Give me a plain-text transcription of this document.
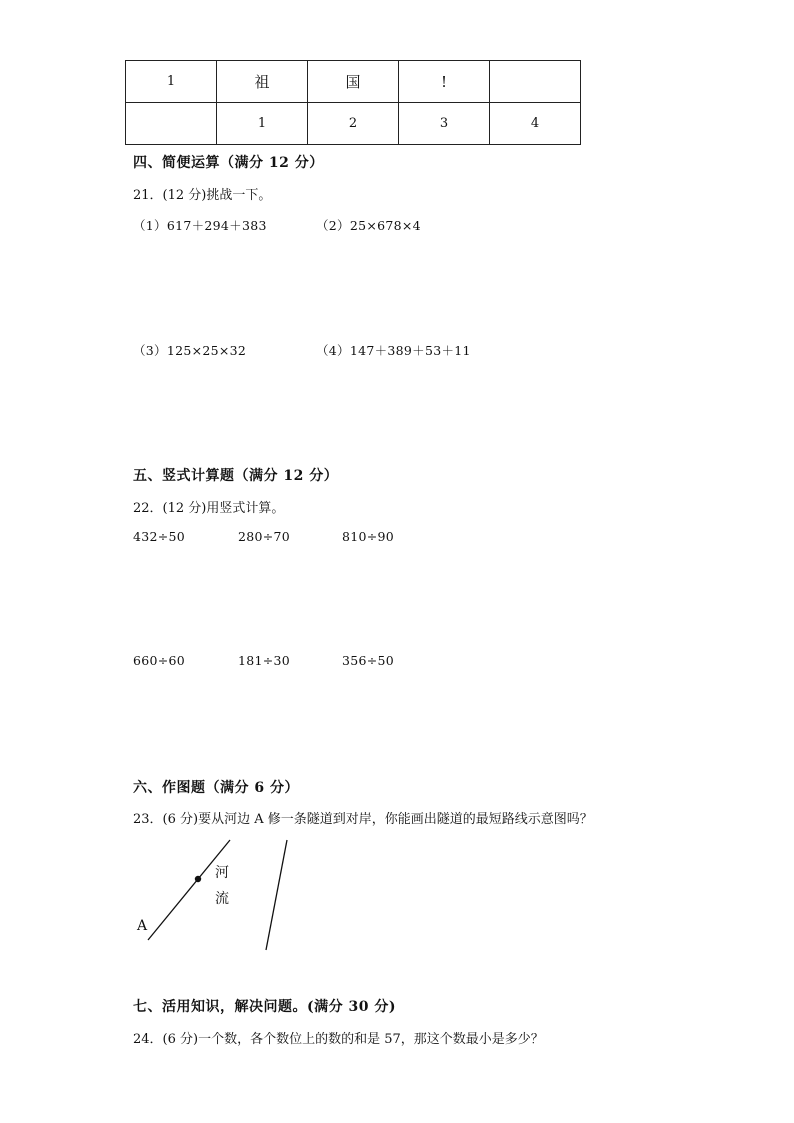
1	祖	国	!	
	1	2	3	4
四、简便运算（满分 12 分）
21．(12 分)挑战一下。
（1）617＋294＋383	（2）25×678×4
（3）125×25×32	（4）147＋389＋53＋11
五、竖式计算题（满分 12 分）
22．(12 分)用竖式计算。
432÷50	280÷70	810÷90
660÷60	181÷30	356÷50
六、作图题（满分 6 分）
23．(6 分)要从河边 A 修一条隧道到对岸，你能画出隧道的最短路线示意图吗？
A
河
流
七、活用知识，解决问题。(满分 30 分)
24．(6 分)一个数，各个数位上的数的和是 57，那这个数最小是多少？
